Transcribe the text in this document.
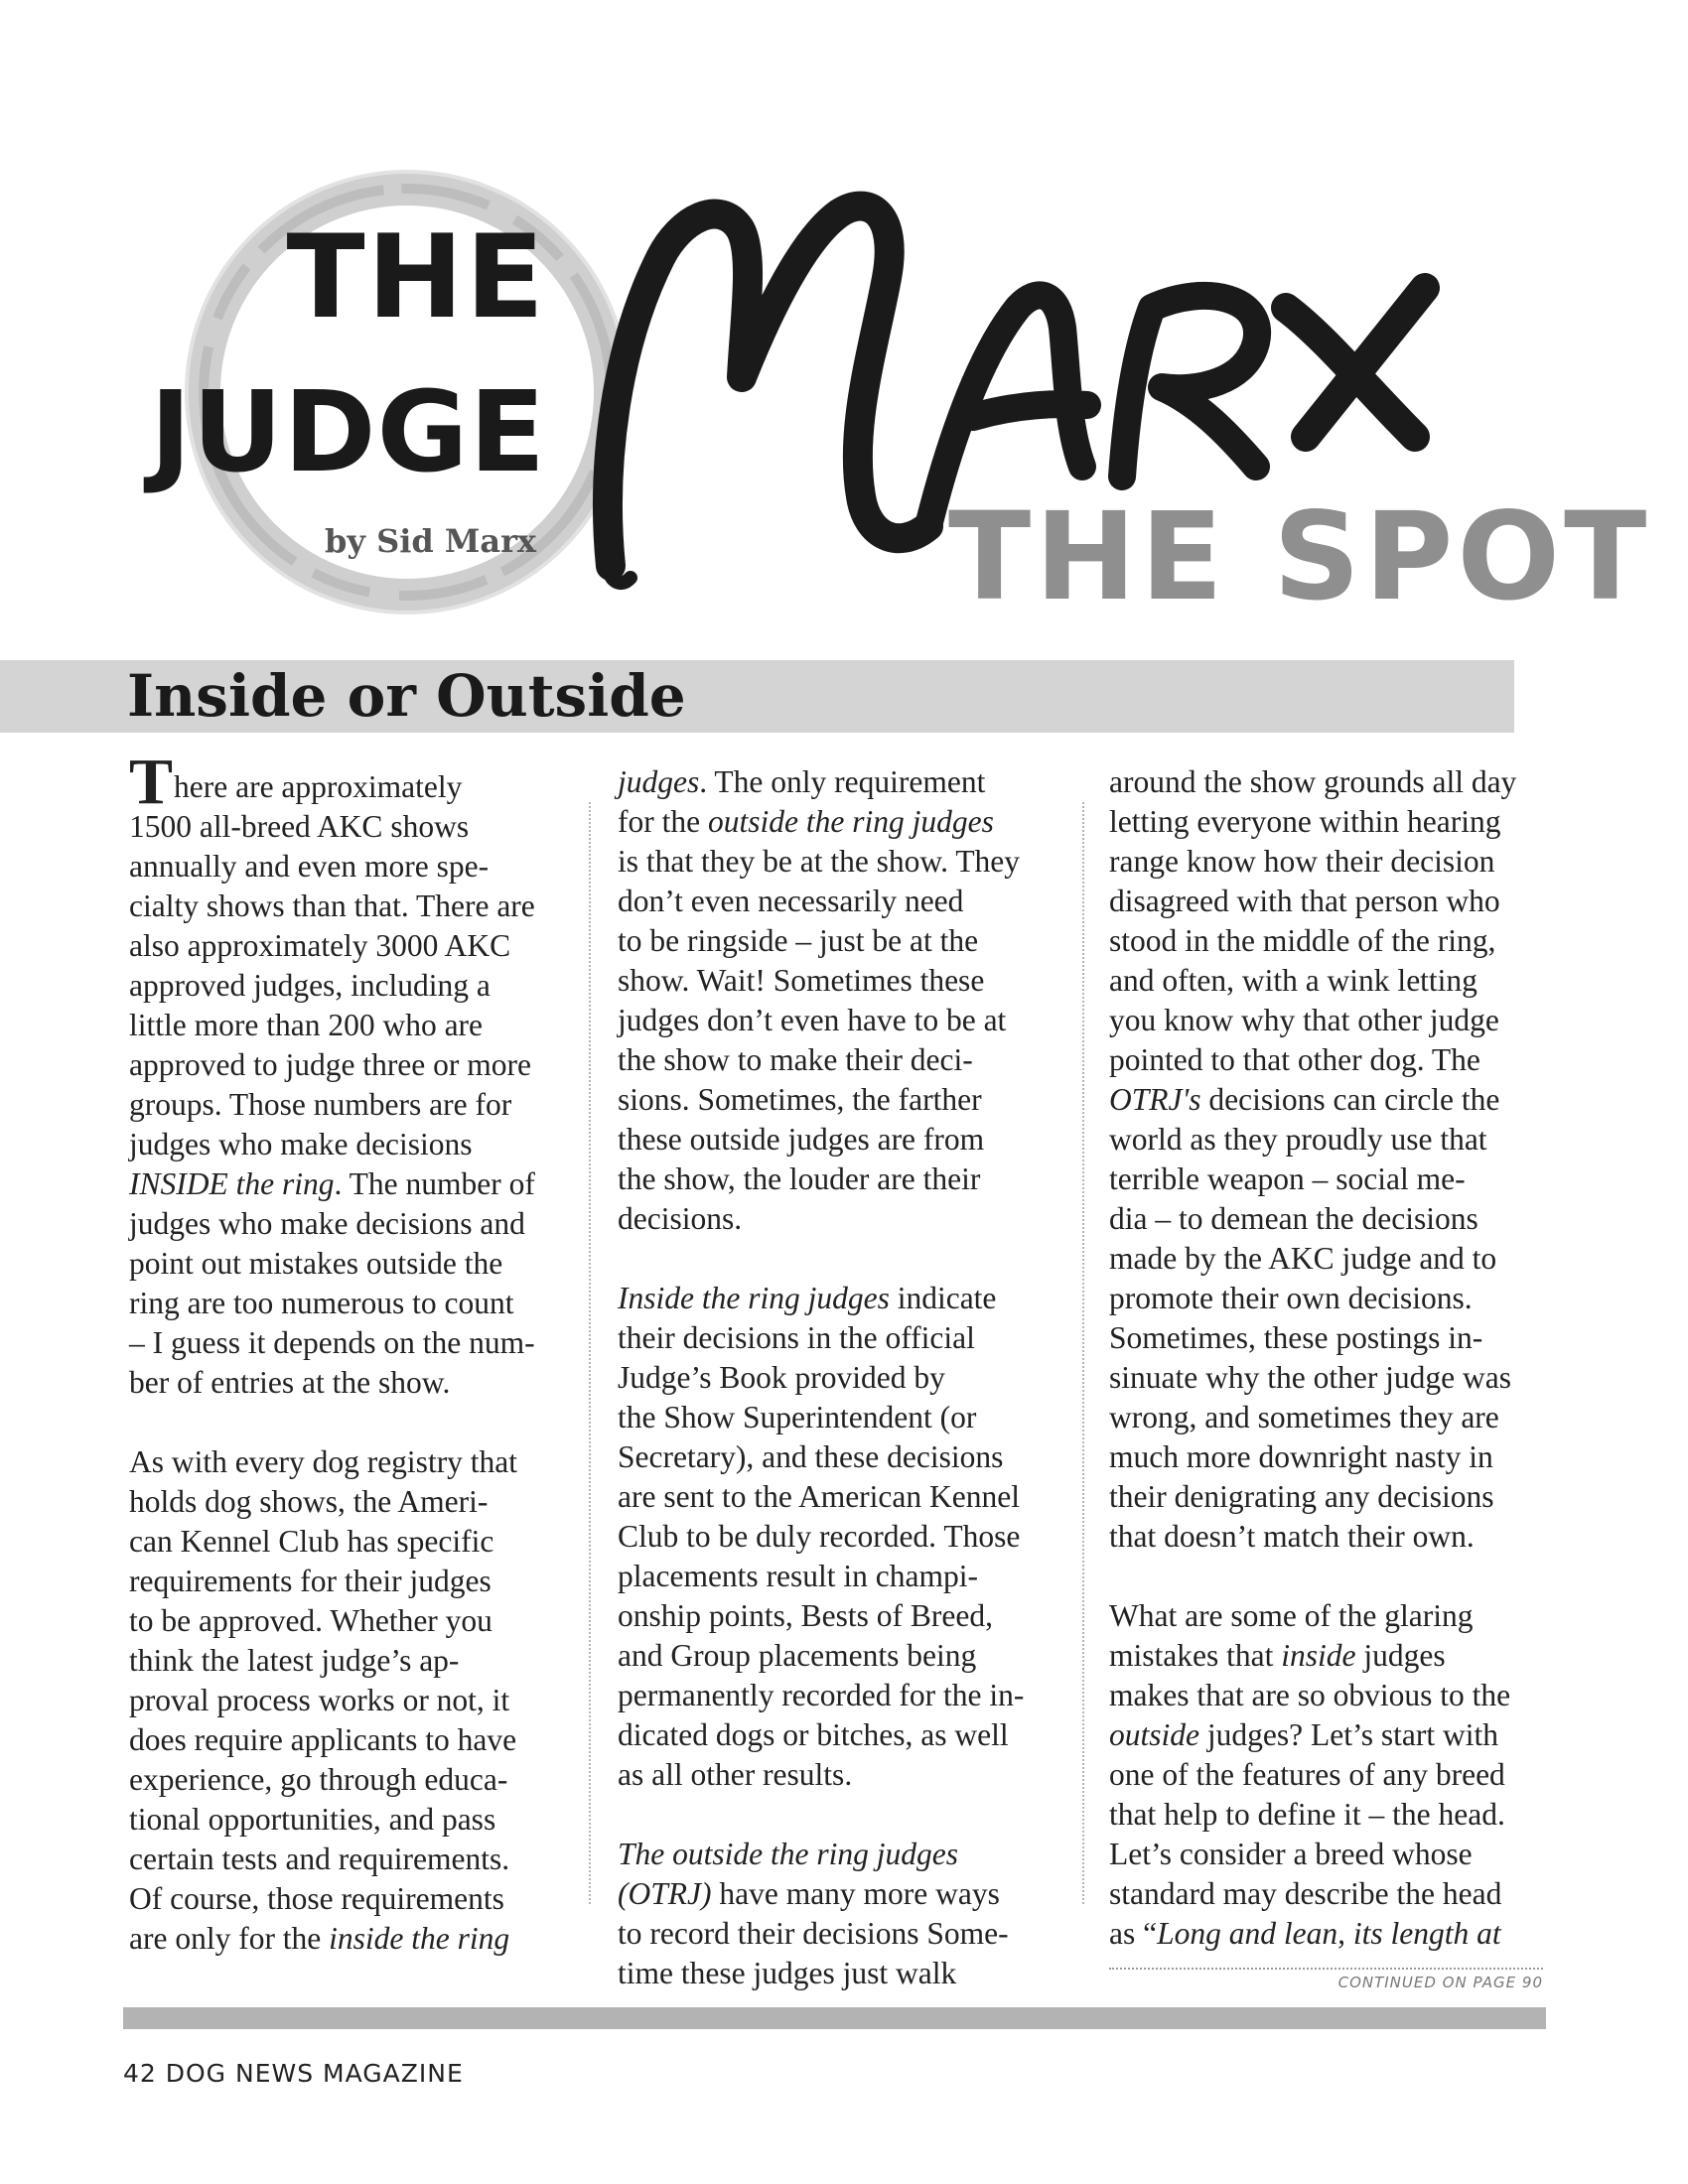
THE
JUDGE
by Sid Marx	THE SPOT
Inside or Outside

There are approximately
1500 all-breed AKC shows
annually and even more spe-
cialty shows than that. There are
also approximately 3000 AKC
approved judges, including a
little more than 200 who are
approved to judge three or more
groups. Those numbers are for
judges who make decisions
INSIDE the ring. The number of
judges who make decisions and
point out mistakes outside the
ring are too numerous to count
– I guess it depends on the num-
ber of entries at the show.

As with every dog registry that
holds dog shows, the Ameri-
can Kennel Club has specific
requirements for their judges
to be approved. Whether you
think the latest judge’s ap-
proval process works or not, it
does require applicants to have
experience, go through educa-
tional opportunities, and pass
certain tests and requirements.
Of course, those requirements
are only for the inside the ring

judges. The only requirement
for the outside the ring judges
is that they be at the show. They
don’t even necessarily need
to be ringside – just be at the
show. Wait! Sometimes these
judges don’t even have to be at
the show to make their deci-
sions. Sometimes, the farther
these outside judges are from
the show, the louder are their
decisions.

Inside the ring judges indicate
their decisions in the official
Judge’s Book provided by
the Show Superintendent (or
Secretary), and these decisions
are sent to the American Kennel
Club to be duly recorded. Those
placements result in champi-
onship points, Bests of Breed,
and Group placements being
permanently recorded for the in-
dicated dogs or bitches, as well
as all other results.

The outside the ring judges
(OTRJ) have many more ways
to record their decisions Some-
time these judges just walk

around the show grounds all day
letting everyone within hearing
range know how their decision
disagreed with that person who
stood in the middle of the ring,
and often, with a wink letting
you know why that other judge
pointed to that other dog. The
OTRJ's decisions can circle the
world as they proudly use that
terrible weapon – social me-
dia – to demean the decisions
made by the AKC judge and to
promote their own decisions.
Sometimes, these postings in-
sinuate why the other judge was
wrong, and sometimes they are
much more downright nasty in
their denigrating any decisions
that doesn’t match their own.

What are some of the glaring
mistakes that inside judges
makes that are so obvious to the
outside judges? Let’s start with
one of the features of any breed
that help to define it – the head.
Let’s consider a breed whose
standard may describe the head
as “Long and lean, its length at

CONTINUED ON PAGE 90
42 DOG NEWS MAGAZINE
